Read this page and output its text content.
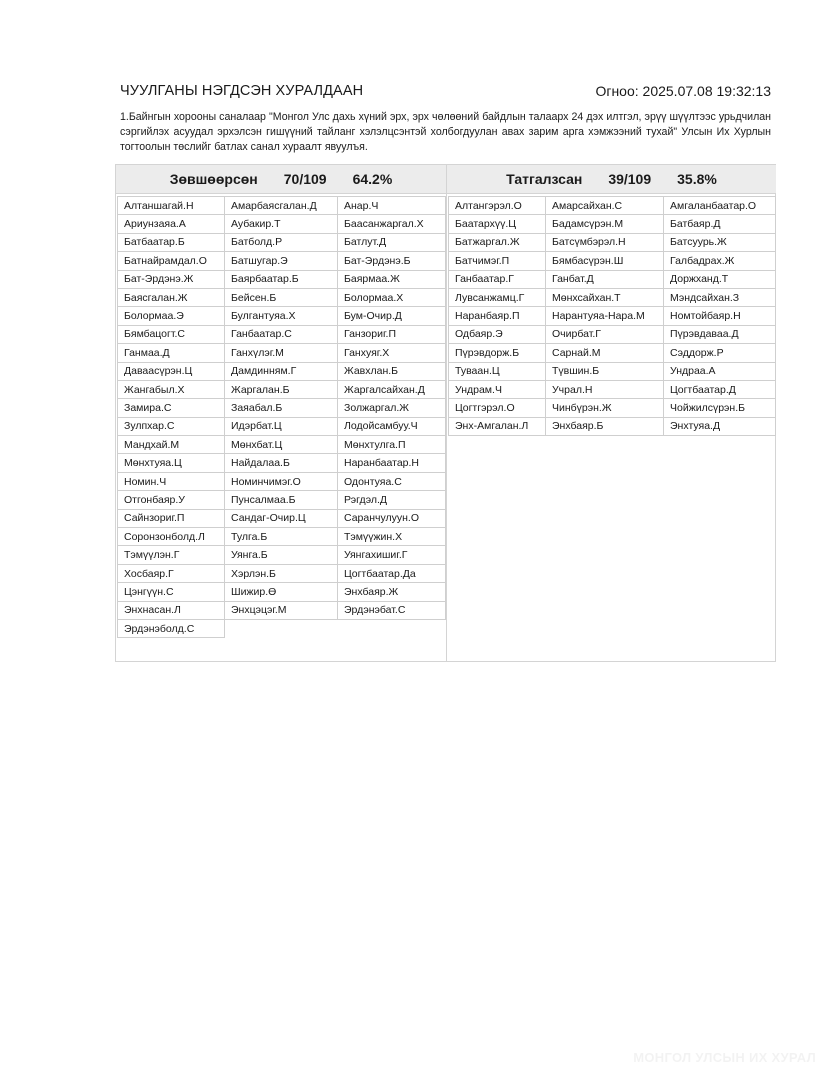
ЧУУЛГАНЫ НЭГДСЭН ХУРАЛДААН	Огноо: 2025.07.08 19:32:13

1.Байнгын хорооны саналаар "Монгол Улс дахь хүний эрх, эрх чөлөөний байдлын талаарх 24 дэх илтгэл, эрүү шүүлтээс урьдчилан сэргийлэх асуудал эрхэлсэн гишүүний тайланг хэлэлцсэнтэй холбогдуулан авах зарим арга хэмжээний тухай" Улсын Их Хурлын тогтоолын төслийг батлах санал хураалт явуулъя.

Зөвшөөрсөн 70/109 64.2%
Алтаншагай.Н	Амарбаясгалан.Д	Анар.Ч
Ариунзаяа.А	Аубакир.Т	Баасанжаргал.Х
Батбаатар.Б	Батболд.Р	Батлут.Д
Батнайрамдал.О	Батшугар.Э	Бат-Эрдэнэ.Б
Бат-Эрдэнэ.Ж	Баярбаатар.Б	Баярмаа.Ж
Баясгалан.Ж	Бейсен.Б	Болормаа.Х
Болормаа.Э	Булгантуяа.Х	Бум-Очир.Д
Бямбацогт.С	Ганбаатар.С	Ганзориг.П
Ганмаа.Д	Ганхүлэг.М	Ганхуяг.Х
Даваасүрэн.Ц	Дамдинням.Г	Жавхлан.Б
Жангабыл.Х	Жаргалан.Б	Жаргалсайхан.Д
Замира.С	Заяабал.Б	Золжаргал.Ж
Зулпхар.С	Идэрбат.Ц	Лодойсамбуу.Ч
Мандхай.М	Мөнхбат.Ц	Мөнхтулга.П
Мөнхтуяа.Ц	Найдалаа.Б	Наранбаатар.Н
Номин.Ч	Номинчимэг.О	Одонтуяа.С
Отгонбаяр.У	Пунсалмаа.Б	Рэгдэл.Д
Сайнзориг.П	Сандаг-Очир.Ц	Саранчулуун.О
Соронзонболд.Л	Тулга.Б	Тэмүүжин.Х
Тэмүүлэн.Г	Уянга.Б	Уянгахишиг.Г
Хосбаяр.Г	Хэрлэн.Б	Цогтбаатар.Да
Цэнгүүн.С	Шижир.Ө	Энхбаяр.Ж
Энхнасан.Л	Энхцэцэг.М	Эрдэнэбат.С
Эрдэнэболд.С		
Татгалзсан 39/109 35.8%
Алтангэрэл.О	Амарсайхан.С	Амгаланбаатар.О
Баатархүү.Ц	Бадамсүрэн.М	Батбаяр.Д
Батжаргал.Ж	Батсүмбэрэл.Н	Батсуурь.Ж
Батчимэг.П	Бямбасүрэн.Ш	Галбадрах.Ж
Ганбаатар.Г	Ганбат.Д	Доржханд.Т
Лувсанжамц.Г	Мөнхсайхан.Т	Мэндсайхан.З
Наранбаяр.П	Нарантуяа-Нара.М	Номтойбаяр.Н
Одбаяр.Э	Очирбат.Г	Пүрэвдаваа.Д
Пүрэвдорж.Б	Сарнай.М	Сэддорж.Р
Туваан.Ц	Түвшин.Б	Ундраа.А
Ундрам.Ч	Учрал.Н	Цогтбаатар.Д
Цогтгэрэл.О	Чинбүрэн.Ж	Чойжилсүрэн.Б
Энх-Амгалан.Л	Энхбаяр.Б	Энхтуяа.Д
МОНГОЛ УЛСЫН ИХ ХУРАЛ
